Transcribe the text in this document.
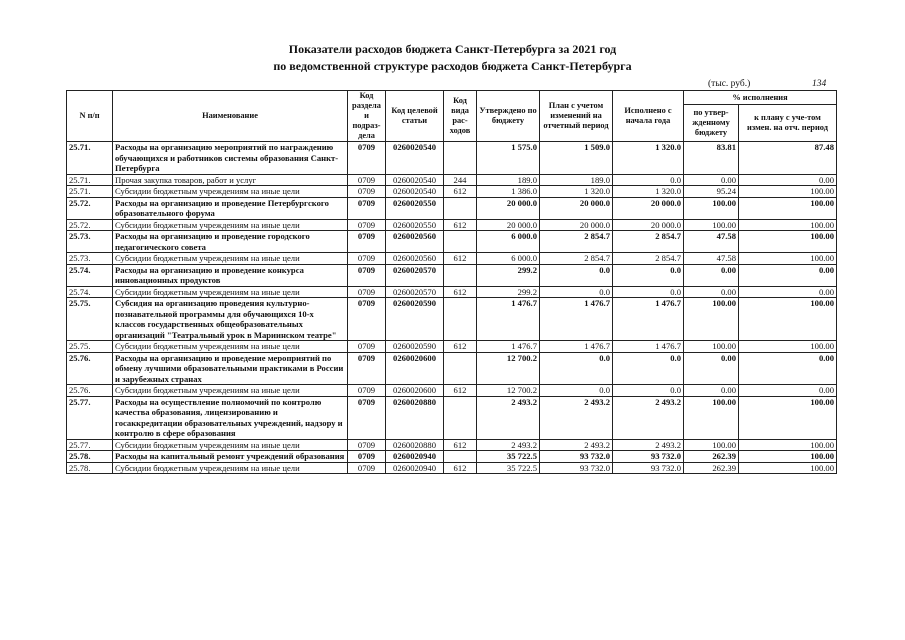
Показатели расходов бюджета Санкт-Петербурга за 2021 год
по ведомственной структуре расходов бюджета Санкт-Петербурга
(тыс. руб.)	134
N п/п	Наименование	Код раздела и подраз-дела	Код целевой статьи	Код вида рас-ходов	Утверждено по бюджету	План с учетом изменений на отчетный период	Исполнено с начала года	% исполнения	
								по утвер-жденному бюджету	к плану с уче-том измен. на отч. период
25.71.	Расходы на организацию мероприятий по награждению обучающихся и работников системы образования Санкт-Петербурга	0709	0260020540		1 575.0	1 509.0	1 320.0	83.81	87.48
25.71.	Прочая закупка товаров, работ и услуг	0709	0260020540	244	189.0	189.0	0.0	0.00	0.00
25.71.	Субсидии бюджетным учреждениям на иные цели	0709	0260020540	612	1 386.0	1 320.0	1 320.0	95.24	100.00
25.72.	Расходы на организацию и проведение Петербургского образовательного форума	0709	0260020550		20 000.0	20 000.0	20 000.0	100.00	100.00
25.72.	Субсидии бюджетным учреждениям на иные цели	0709	0260020550	612	20 000.0	20 000.0	20 000.0	100.00	100.00
25.73.	Расходы на организацию и проведение городского педагогического совета	0709	0260020560		6 000.0	2 854.7	2 854.7	47.58	100.00
25.73.	Субсидии бюджетным учреждениям на иные цели	0709	0260020560	612	6 000.0	2 854.7	2 854.7	47.58	100.00
25.74.	Расходы на организацию и проведение конкурса инновационных продуктов	0709	0260020570		299.2	0.0	0.0	0.00	0.00
25.74.	Субсидии бюджетным учреждениям на иные цели	0709	0260020570	612	299.2	0.0	0.0	0.00	0.00
25.75.	Субсидия на организацию проведения культурно-познавательной программы для обучающихся 10-х классов государственных общеобразовательных организаций "Театральный урок в Мариинском театре"	0709	0260020590		1 476.7	1 476.7	1 476.7	100.00	100.00
25.75.	Субсидии бюджетным учреждениям на иные цели	0709	0260020590	612	1 476.7	1 476.7	1 476.7	100.00	100.00
25.76.	Расходы на организацию и проведение мероприятий по обмену лучшими образовательными практиками в России и зарубежных странах	0709	0260020600		12 700.2	0.0	0.0	0.00	0.00
25.76.	Субсидии бюджетным учреждениям на иные цели	0709	0260020600	612	12 700.2	0.0	0.0	0.00	0.00
25.77.	Расходы на осуществление полномочий по контролю качества образования, лицензированию и госаккредитации образовательных учреждений, надзору и контролю в сфере образования	0709	0260020880		2 493.2	2 493.2	2 493.2	100.00	100.00
25.77.	Субсидии бюджетным учреждениям на иные цели	0709	0260020880	612	2 493.2	2 493.2	2 493.2	100.00	100.00
25.78.	Расходы на капитальный ремонт учреждений образования	0709	0260020940		35 722.5	93 732.0	93 732.0	262.39	100.00
25.78.	Субсидии бюджетным учреждениям на иные цели	0709	0260020940	612	35 722.5	93 732.0	93 732.0	262.39	100.00
